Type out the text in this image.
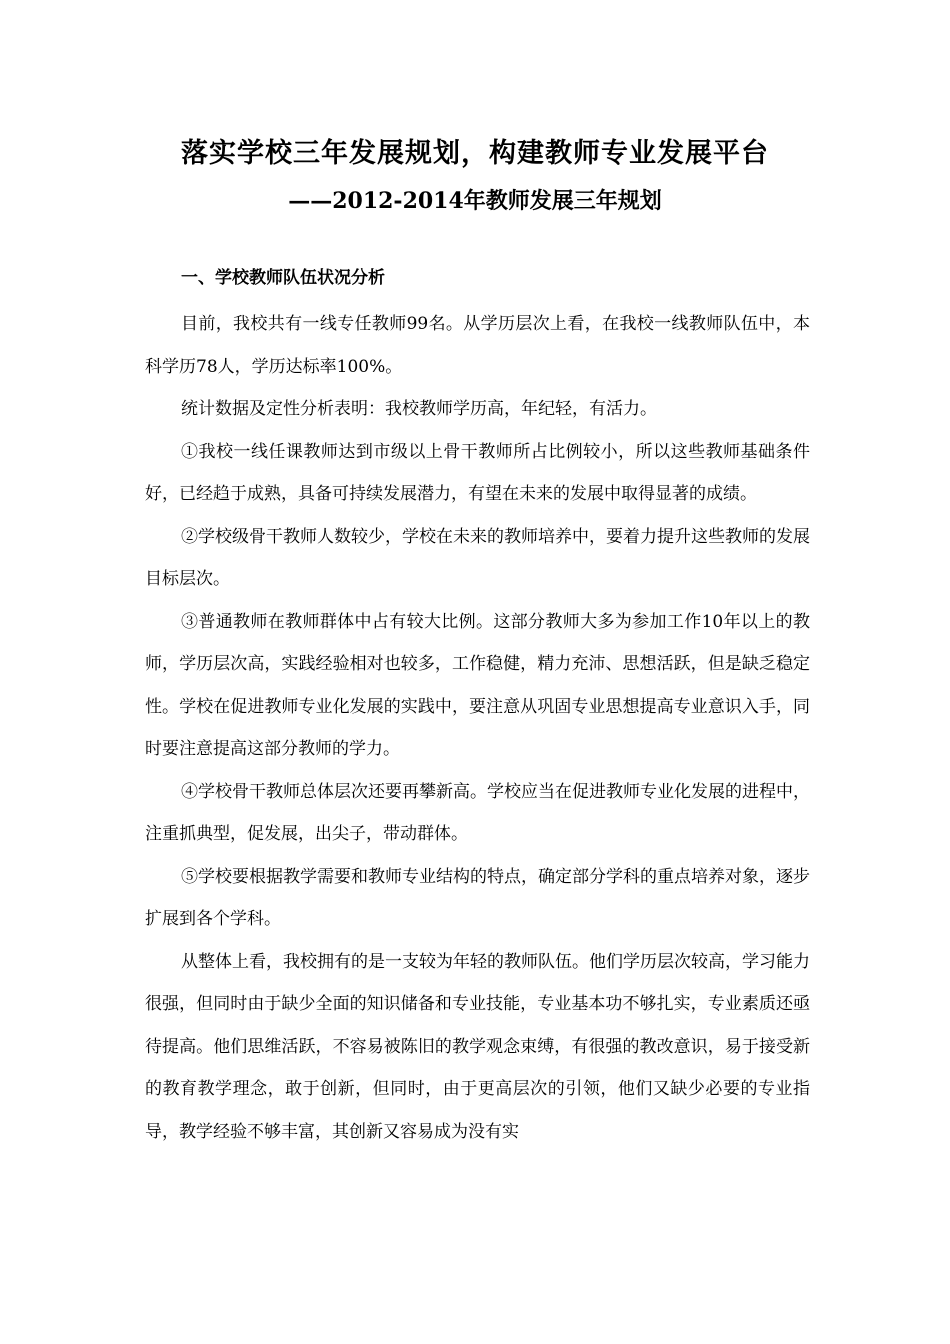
落实学校三年发展规划，构建教师专业发展平台
——2012-2014年教师发展三年规划

一、学校教师队伍状况分析

目前，我校共有一线专任教师99名。从学历层次上看，在我校一线教师队伍中，本科学历78人，学历达标率100%。

统计数据及定性分析表明：我校教师学历高，年纪轻，有活力。

①我校一线任课教师达到市级以上骨干教师所占比例较小，所以这些教师基础条件好，已经趋于成熟，具备可持续发展潜力，有望在未来的发展中取得显著的成绩。

②学校级骨干教师人数较少，学校在未来的教师培养中，要着力提升这些教师的发展目标层次。

③普通教师在教师群体中占有较大比例。这部分教师大多为参加工作10年以上的教师，学历层次高，实践经验相对也较多，工作稳健，精力充沛、思想活跃，但是缺乏稳定性。学校在促进教师专业化发展的实践中，要注意从巩固专业思想提高专业意识入手，同时要注意提高这部分教师的学力。

④学校骨干教师总体层次还要再攀新高。学校应当在促进教师专业化发展的进程中，注重抓典型，促发展，出尖子，带动群体。

⑤学校要根据教学需要和教师专业结构的特点，确定部分学科的重点培养对象，逐步扩展到各个学科。

从整体上看，我校拥有的是一支较为年轻的教师队伍。他们学历层次较高，学习能力很强，但同时由于缺少全面的知识储备和专业技能，专业基本功不够扎实，专业素质还亟待提高。他们思维活跃，不容易被陈旧的教学观念束缚，有很强的教改意识，易于接受新的教育教学理念，敢于创新，但同时，由于更高层次的引领，他们又缺少必要的专业指导，教学经验不够丰富，其创新又容易成为没有实
